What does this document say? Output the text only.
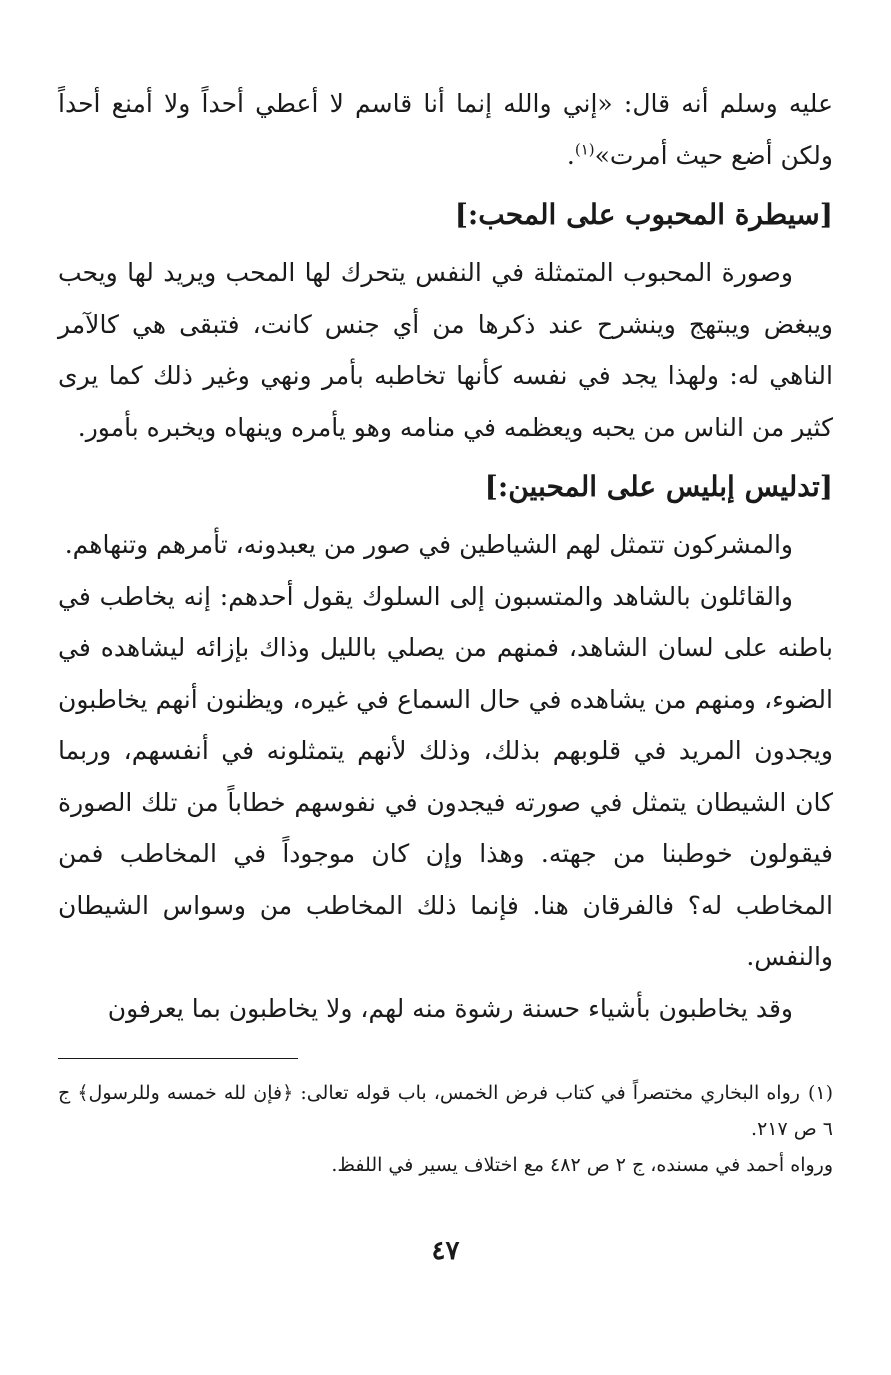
عليه وسلم أنه قال: «إني والله إنما أنا قاسم لا أعطي أحداً ولا أمنع أحداً ولكن أضع حيث أمرت»$^{(١)}$.

[سيطرة المحبوب على المحب:]

وصورة المحبوب المتمثلة في النفس يتحرك لها المحب ويريد لها ويحب ويبغض ويبتهج وينشرح عند ذكرها من أي جنس كانت، فتبقى هي كالآمر الناهي له: ولهذا يجد في نفسه كأنها تخاطبه بأمر ونهي وغير ذلك كما يرى كثير من الناس من يحبه ويعظمه في منامه وهو يأمره وينهاه ويخبره بأمور.

[تدليس إبليس على المحبين:]

والمشركون تتمثل لهم الشياطين في صور من يعبدونه، تأمرهم وتنهاهم.

والقائلون بالشاهد والمتسبون إلى السلوك يقول أحدهم: إنه يخاطب في باطنه على لسان الشاهد، فمنهم من يصلي بالليل وذاك بإزائه ليشاهده في الضوء، ومنهم من يشاهده في حال السماع في غيره، ويظنون أنهم يخاطبون ويجدون المريد في قلوبهم بذلك، وذلك لأنهم يتمثلونه في أنفسهم، وربما كان الشيطان يتمثل في صورته فيجدون في نفوسهم خطاباً من تلك الصورة فيقولون خوطبنا من جهته. وهذا وإن كان موجوداً في المخاطب فمن المخاطب له؟ فالفرقان هنا. فإنما ذلك المخاطب من وسواس الشيطان والنفس.

وقد يخاطبون بأشياء حسنة رشوة منه لهم، ولا يخاطبون بما يعرفون

(١)رواه البخاري مختصراً في كتاب فرض الخمس، باب قوله تعالى: ﴿فإن لله خمسه وللرسول﴾ ج ٦ ص ٢١٧.

ورواه أحمد في مسنده، ج ٢ ص ٤٨٢ مع اختلاف يسير في اللفظ.

٤٧
